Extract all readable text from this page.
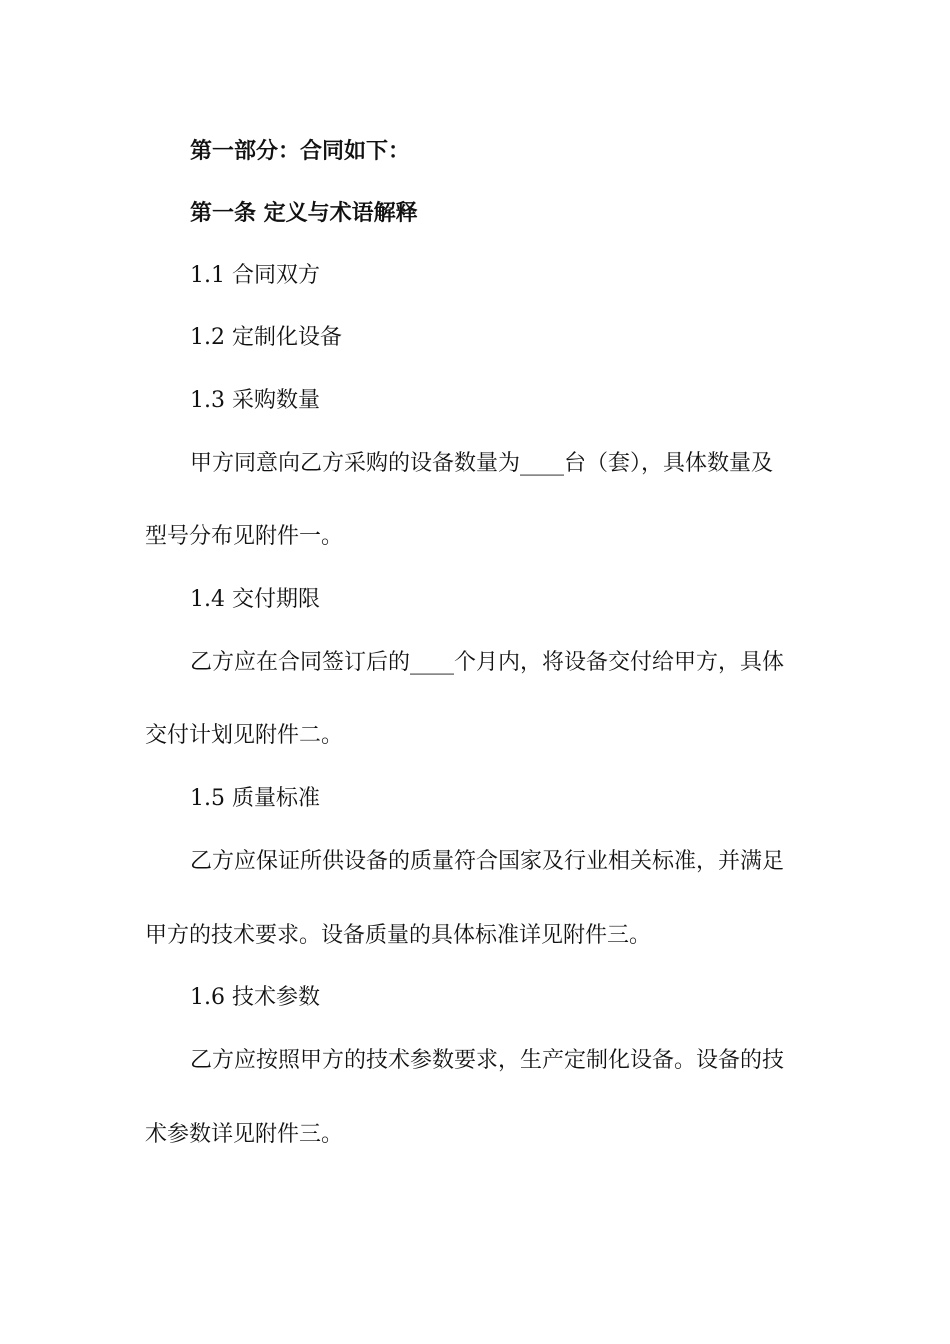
第一部分：合同如下：
第一条 定义与术语解释
1.1 合同双方
1.2 定制化设备
1.3 采购数量
甲方同意向乙方采购的设备数量为____台（套），具体数量及
型号分布见附件一。
1.4 交付期限
乙方应在合同签订后的____个月内，将设备交付给甲方，具体
交付计划见附件二。
1.5 质量标准
乙方应保证所供设备的质量符合国家及行业相关标准，并满足
甲方的技术要求。设备质量的具体标准详见附件三。
1.6 技术参数
乙方应按照甲方的技术参数要求，生产定制化设备。设备的技
术参数详见附件三。
